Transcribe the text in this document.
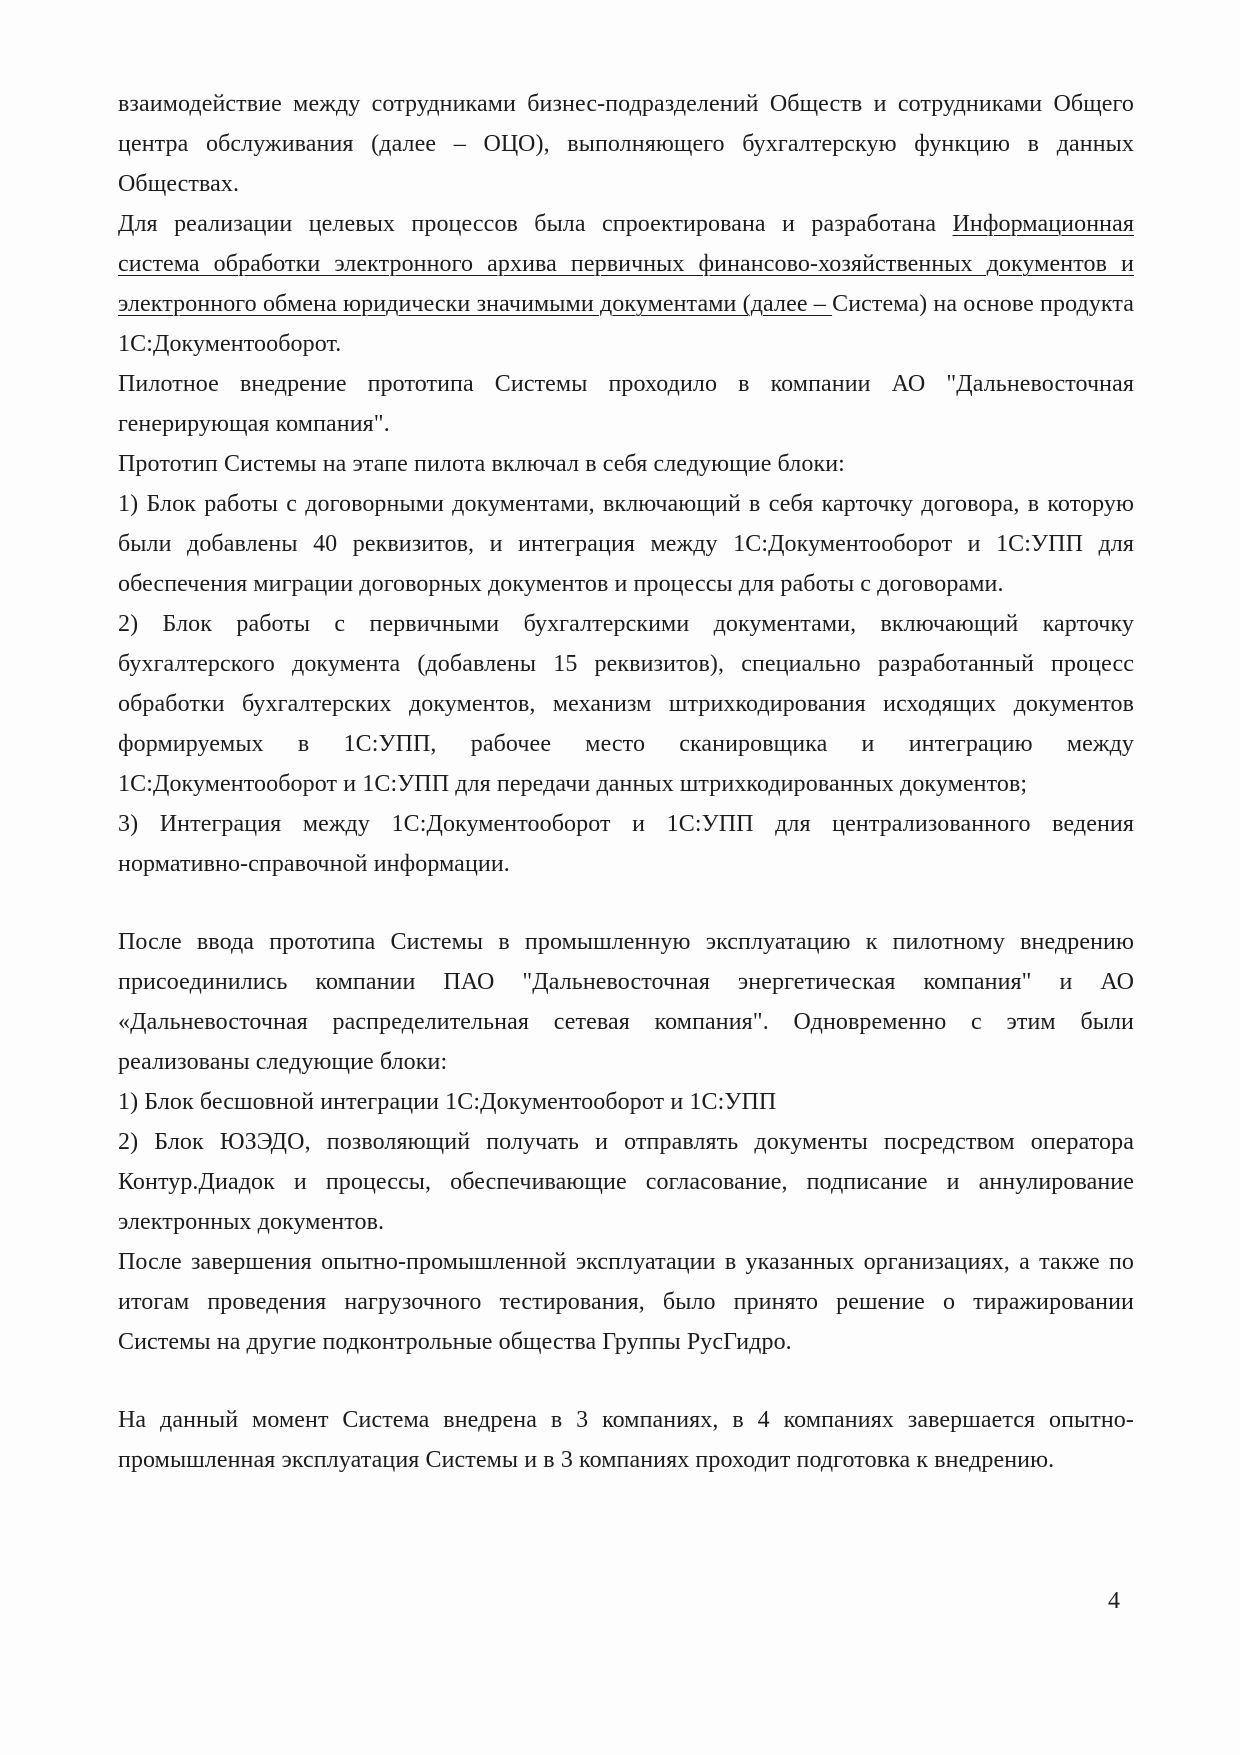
взаимодействие между сотрудниками бизнес-подразделений Обществ и сотрудниками Общего центра обслуживания (далее – ОЦО), выполняющего бухгалтерскую функцию в данных Обществах.

Для реализации целевых процессов была спроектирована и разработана Информационная система обработки электронного архива первичных финансово-хозяйственных документов и электронного обмена юридически значимыми документами (далее – Система) на основе продукта 1С:Документооборот.

Пилотное внедрение прототипа Системы проходило в компании АО "Дальневосточная генерирующая компания".

Прототип Системы на этапе пилота включал в себя следующие блоки:

1) Блок работы с договорными документами, включающий в себя карточку договора, в которую были добавлены 40 реквизитов, и интеграция между 1С:Документооборот и 1С:УПП для обеспечения миграции договорных документов и процессы для работы с договорами.

2) Блок работы с первичными бухгалтерскими документами, включающий карточку бухгалтерского документа (добавлены 15 реквизитов), специально разработанный процесс обработки бухгалтерских документов, механизм штрихкодирования исходящих документов формируемых в 1С:УПП, рабочее место сканировщика и интеграцию между 1С:Документооборот и 1С:УПП для передачи данных штрихкодированных документов;

3) Интеграция между 1С:Документооборот и 1С:УПП для централизованного ведения нормативно-справочной информации.

После ввода прототипа Системы в промышленную эксплуатацию к пилотному внедрению присоединились компании ПАО "Дальневосточная энергетическая компания" и АО «Дальневосточная распределительная сетевая компания". Одновременно с этим были реализованы следующие блоки:

1) Блок бесшовной интеграции 1С:Документооборот и 1С:УПП

2) Блок ЮЗЭДО, позволяющий получать и отправлять документы посредством оператора Контур.Диадок и процессы, обеспечивающие согласование, подписание и аннулирование электронных документов.

После завершения опытно-промышленной эксплуатации в указанных организациях, а также по итогам проведения нагрузочного тестирования, было принято решение о тиражировании Системы на другие подконтрольные общества Группы РусГидро.

На данный момент Система внедрена в 3 компаниях, в 4 компаниях завершается опытно-промышленная эксплуатация Системы и в 3 компаниях проходит подготовка к внедрению.

4
